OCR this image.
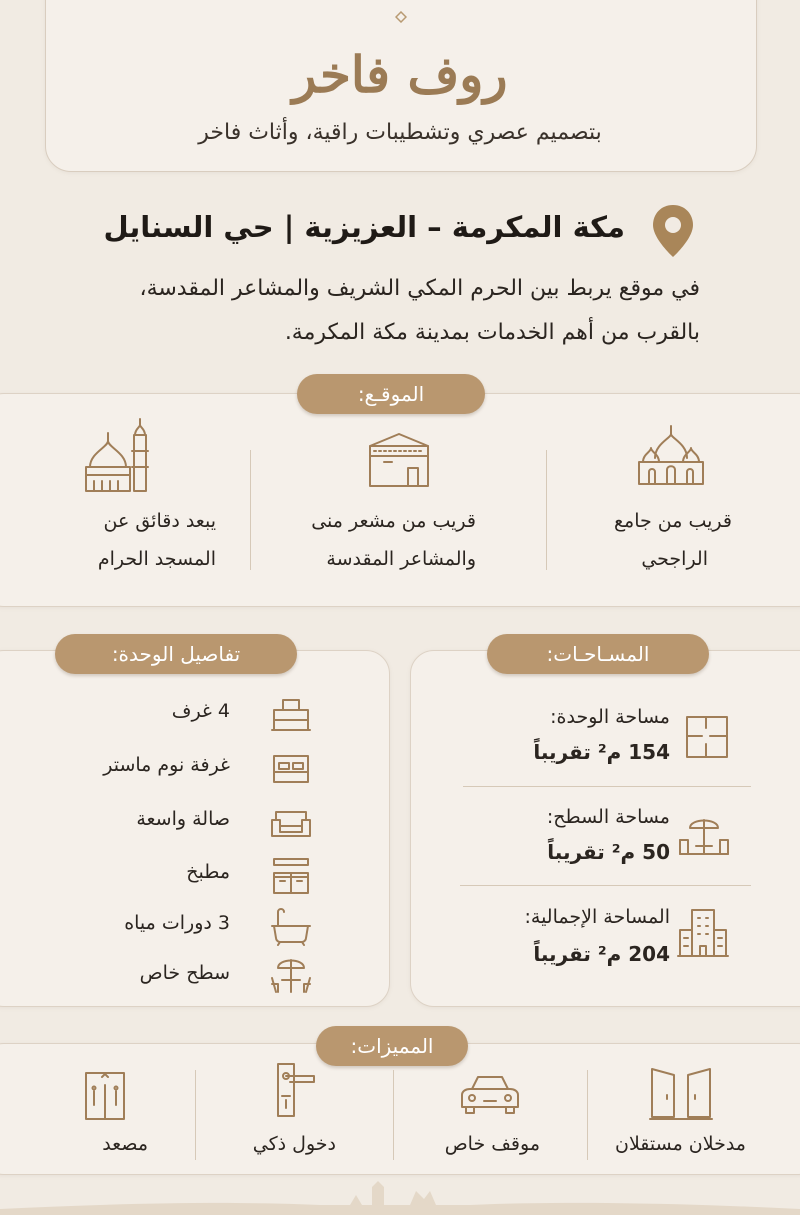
روف فاخر
بتصميم عصري وتشطيبات راقية، وأثاث فاخر
مكة المكرمة – العزيزية | حي السنايل
في موقع يربط بين الحرم المكي الشريف والمشاعر المقدسة،
بالقرب من أهم الخدمات بمدينة مكة المكرمة.
الموقـع:
قريب من جامع
الراجحي
قريب من مشعر منى
والمشاعر المقدسة
يبعد دقائق عن
المسجد الحرام
المسـاحـات:
مساحة الوحدة:
154 م² تقريباً
مساحة السطح:
50 م² تقريباً
المساحة الإجمالية:
204 م² تقريباً
تفاصيل الوحدة:
4 غرف
غرفة نوم ماستر
صالة واسعة
مطبخ
3 دورات مياه
سطح خاص
المميزات:
مدخلان مستقلان
موقف خاص
دخول ذكي
مصعد
